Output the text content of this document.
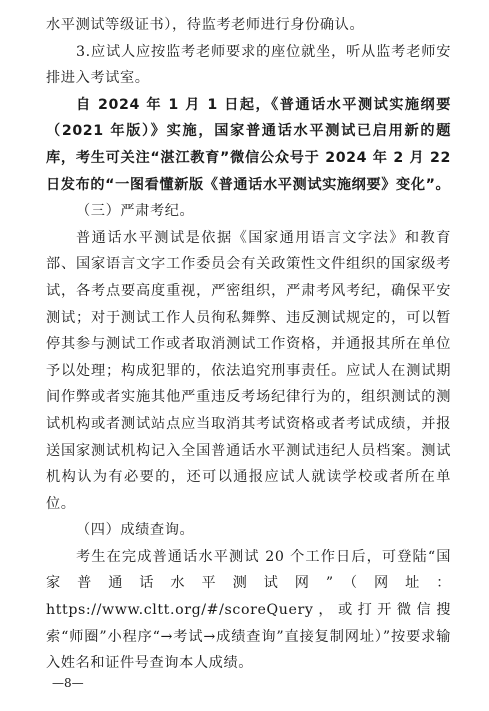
水平测试等级证书），待监考老师进行身份确认。

3.应试人应按监考老师要求的座位就坐，听从监考老师安排进入考试室。

自 2024 年 1 月 1 日起，《普通话水平测试实施纲要（2021 年版）》实施，国家普通话水平测试已启用新的题库，考生可关注“湛江教育”微信公众号于 2024 年 2 月 22 日发布的“一图看懂新版《普通话水平测试实施纲要》变化”。

（三）严肃考纪。

普通话水平测试是依据《国家通用语言文字法》和教育部、国家语言文字工作委员会有关政策性文件组织的国家级考试，各考点要高度重视，严密组织，严肃考风考纪，确保平安测试；对于测试工作人员徇私舞弊、违反测试规定的，可以暂停其参与测试工作或者取消测试工作资格，并通报其所在单位予以处理；构成犯罪的，依法追究刑事责任。应试人在测试期间作弊或者实施其他严重违反考场纪律行为的，组织测试的测试机构或者测试站点应当取消其考试资格或者考试成绩，并报送国家测试机构记入全国普通话水平测试违纪人员档案。测试机构认为有必要的，还可以通报应试人就读学校或者所在单位。

（四）成绩查询。

考生在完成普通话水平测试 20 个工作日后，可登陆“国家普通话水平测试网”（网址：https://www.cltt.org/#/scoreQuery，或打开微信搜索“师圈”小程序“→考试→成绩查询”直接复制网址）”按要求输入姓名和证件号查询本人成绩。

—8—
